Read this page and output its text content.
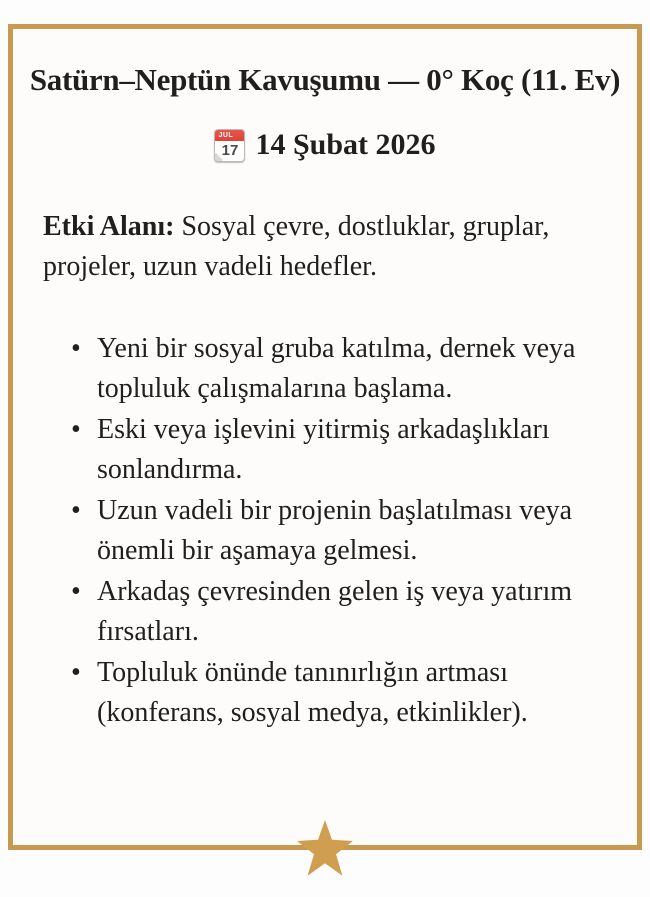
Satürn–Neptün Kavuşumu — 0° Koç (11. Ev)
JUL
17 14 Şubat 2026

Etki Alanı: Sosyal çevre, dostluklar, gruplar, projeler, uzun vadeli hedefler.

• Yeni bir sosyal gruba katılma, dernek veya topluluk çalışmalarına başlama.
• Eski veya işlevini yitirmiş arkadaşlıkları sonlandırma.
• Uzun vadeli bir projenin başlatılması veya önemli bir aşamaya gelmesi.
• Arkadaş çevresinden gelen iş veya yatırım fırsatları.
• Topluluk önünde tanınırlığın artması (konferans, sosyal medya, etkinlikler).
